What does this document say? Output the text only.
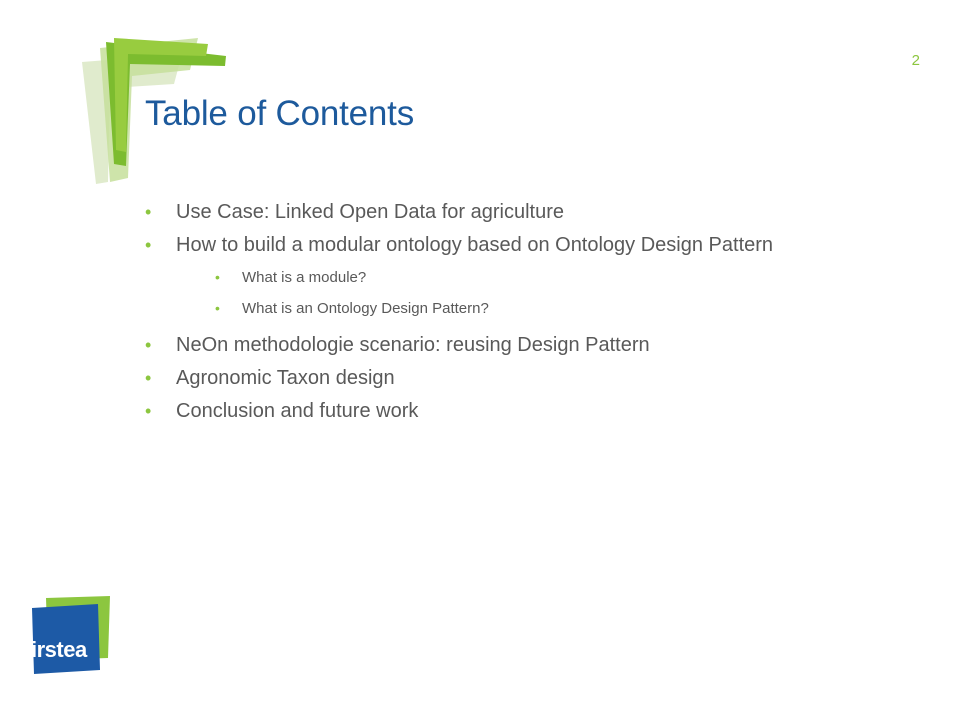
2
Table of Contents
• Use Case: Linked Open Data for agriculture
• How to build a modular ontology based on Ontology Design Pattern
• What is a module?
• What is an Ontology Design Pattern?
• NeOn methodologie scenario: reusing Design Pattern
• Agronomic Taxon design
• Conclusion and future work
irstea
